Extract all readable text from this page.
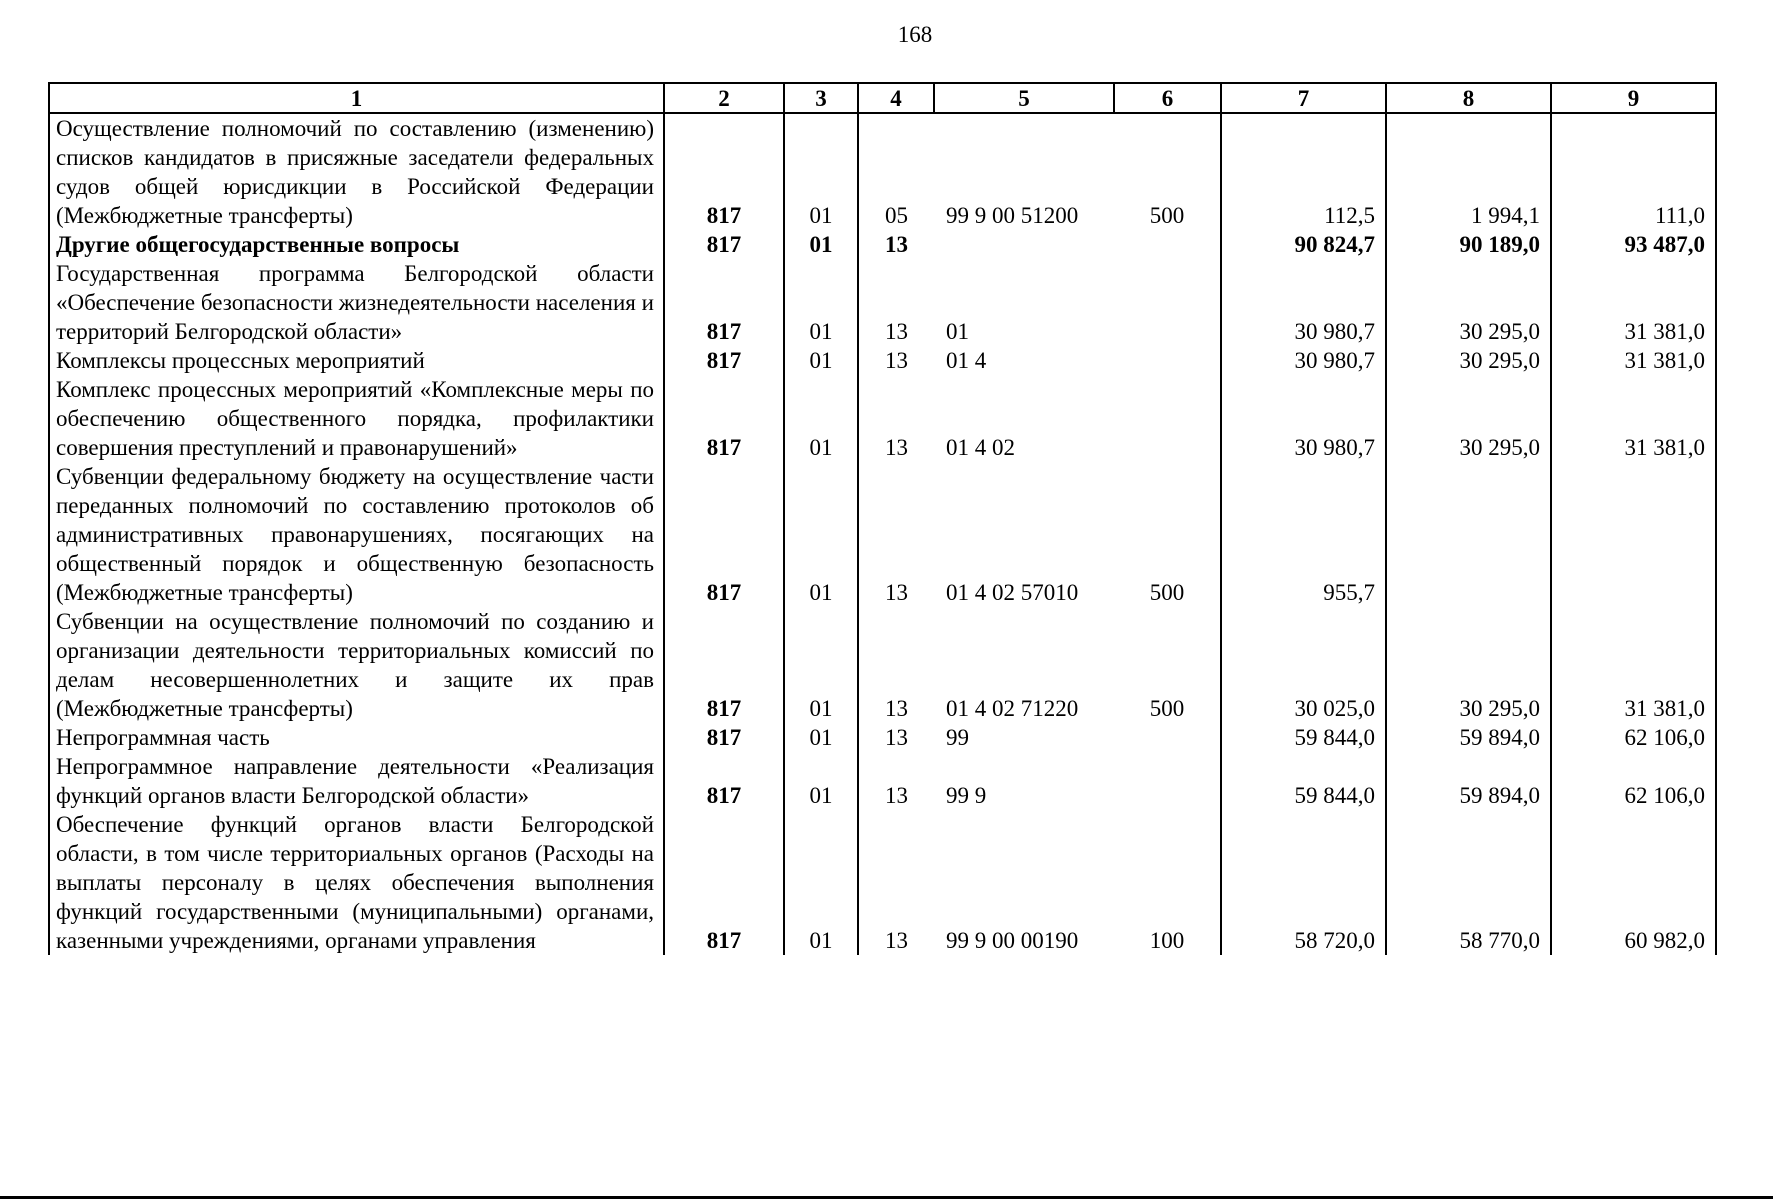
168
1	2	3	4	5	6	7	8	9
Осуществление полномочий по составлению (изменению) списков кандидатов в присяжные заседатели федеральных судов общей юрисдикции в Российской Федерации (Межбюджетные трансферты)	817	01	05	99 9 00 51200	500	112,5	1 994,1	111,0
Другие общегосударственные вопросы	817	01	13			90 824,7	90 189,0	93 487,0
Государственная программа Белгородской области «Обеспечение безопасности жизнедеятельности населения и территорий Белгородской области»	817	01	13	01		30 980,7	30 295,0	31 381,0
Комплексы процессных мероприятий	817	01	13	01 4		30 980,7	30 295,0	31 381,0
Комплекс процессных мероприятий «Комплексные меры по обеспечению общественного порядка, профилактики совершения преступлений и правонарушений»	817	01	13	01 4 02		30 980,7	30 295,0	31 381,0
Субвенции федеральному бюджету на осуществление части переданных полномочий по составлению протоколов об административных правонарушениях, посягающих на общественный порядок и общественную безопасность (Межбюджетные трансферты)	817	01	13	01 4 02 57010	500	955,7		
Субвенции на осуществление полномочий по созданию и организации деятельности территориальных комиссий по делам несовершеннолетних и защите их прав (Межбюджетные трансферты)	817	01	13	01 4 02 71220	500	30 025,0	30 295,0	31 381,0
Непрограммная часть	817	01	13	99		59 844,0	59 894,0	62 106,0
Непрограммное направление деятельности «Реализация функций органов власти Белгородской области»	817	01	13	99 9		59 844,0	59 894,0	62 106,0
Обеспечение функций органов власти Белгородской области, в том числе территориальных органов (Расходы на выплаты персоналу в целях обеспечения выполнения функций государственными (муниципальными) органами, казенными учреждениями, органами управления	817	01	13	99 9 00 00190	100	58 720,0	58 770,0	60 982,0
